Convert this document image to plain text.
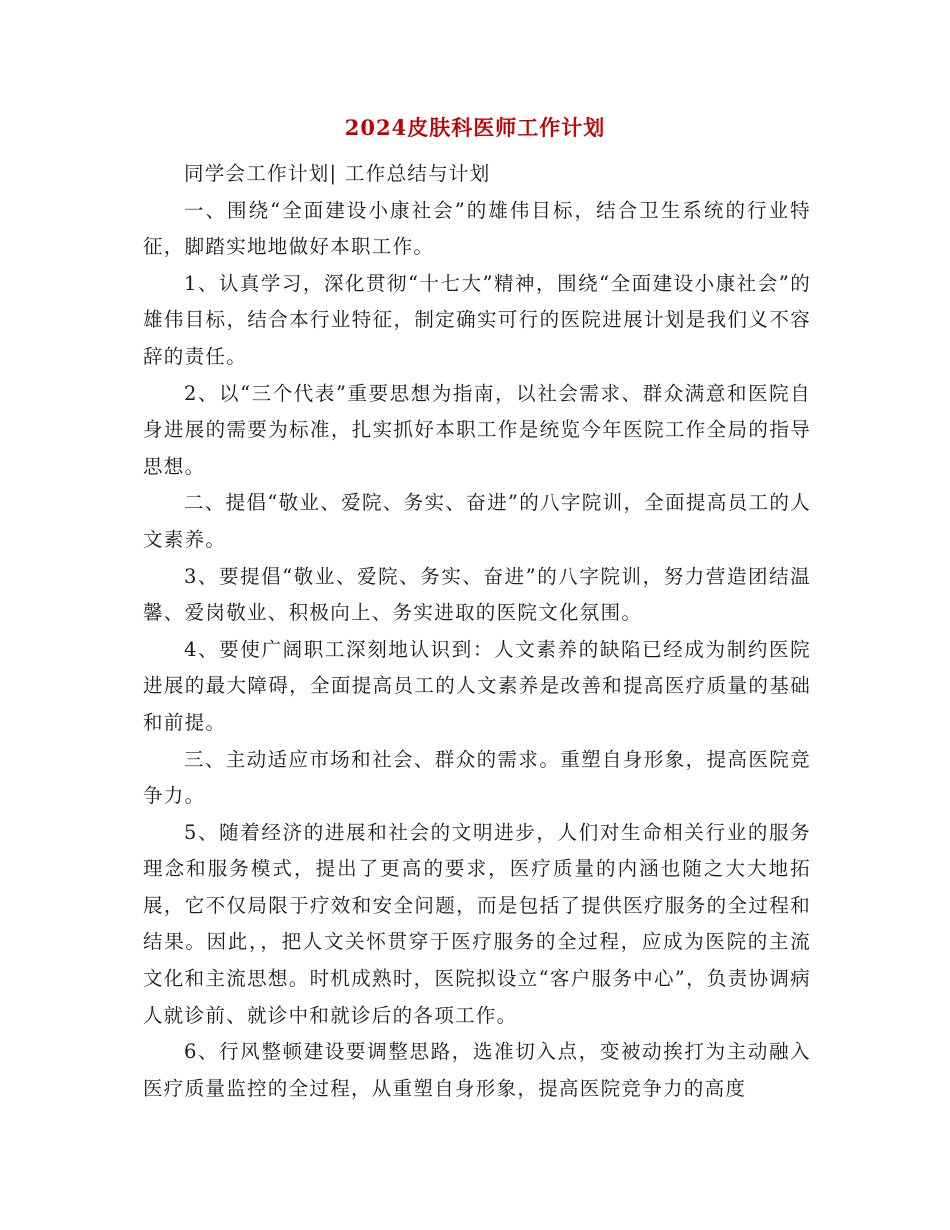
2024皮肤科医师工作计划

同学会工作计划| 工作总结与计划

一、围绕“全面建设小康社会”的雄伟目标，结合卫生系统的行业特征，脚踏实地地做好本职工作。

1、认真学习，深化贯彻“十七大”精神，围绕“全面建设小康社会”的雄伟目标，结合本行业特征，制定确实可行的医院进展计划是我们义不容辞的责任。

2、以“三个代表”重要思想为指南，以社会需求、群众满意和医院自身进展的需要为标准，扎实抓好本职工作是统览今年医院工作全局的指导思想。

二、提倡“敬业、爱院、务实、奋进”的八字院训，全面提高员工的人文素养。

3、要提倡“敬业、爱院、务实、奋进”的八字院训，努力营造团结温馨、爱岗敬业、积极向上、务实进取的医院文化氛围。

4、要使广阔职工深刻地认识到：人文素养的缺陷已经成为制约医院进展的最大障碍，全面提高员工的人文素养是改善和提高医疗质量的基础和前提。

三、主动适应市场和社会、群众的需求。重塑自身形象，提高医院竞争力。

5、随着经济的进展和社会的文明进步，人们对生命相关行业的服务理念和服务模式，提出了更高的要求，医疗质量的内涵也随之大大地拓展，它不仅局限于疗效和安全问题，而是包括了提供医疗服务的全过程和结果。因此，，把人文关怀贯穿于医疗服务的全过程，应成为医院的主流文化和主流思想。时机成熟时，医院拟设立“客户服务中心”，负责协调病人就诊前、就诊中和就诊后的各项工作。

6、行风整顿建设要调整思路，选准切入点，变被动挨打为主动融入医疗质量监控的全过程，从重塑自身形象，提高医院竞争力的高度
